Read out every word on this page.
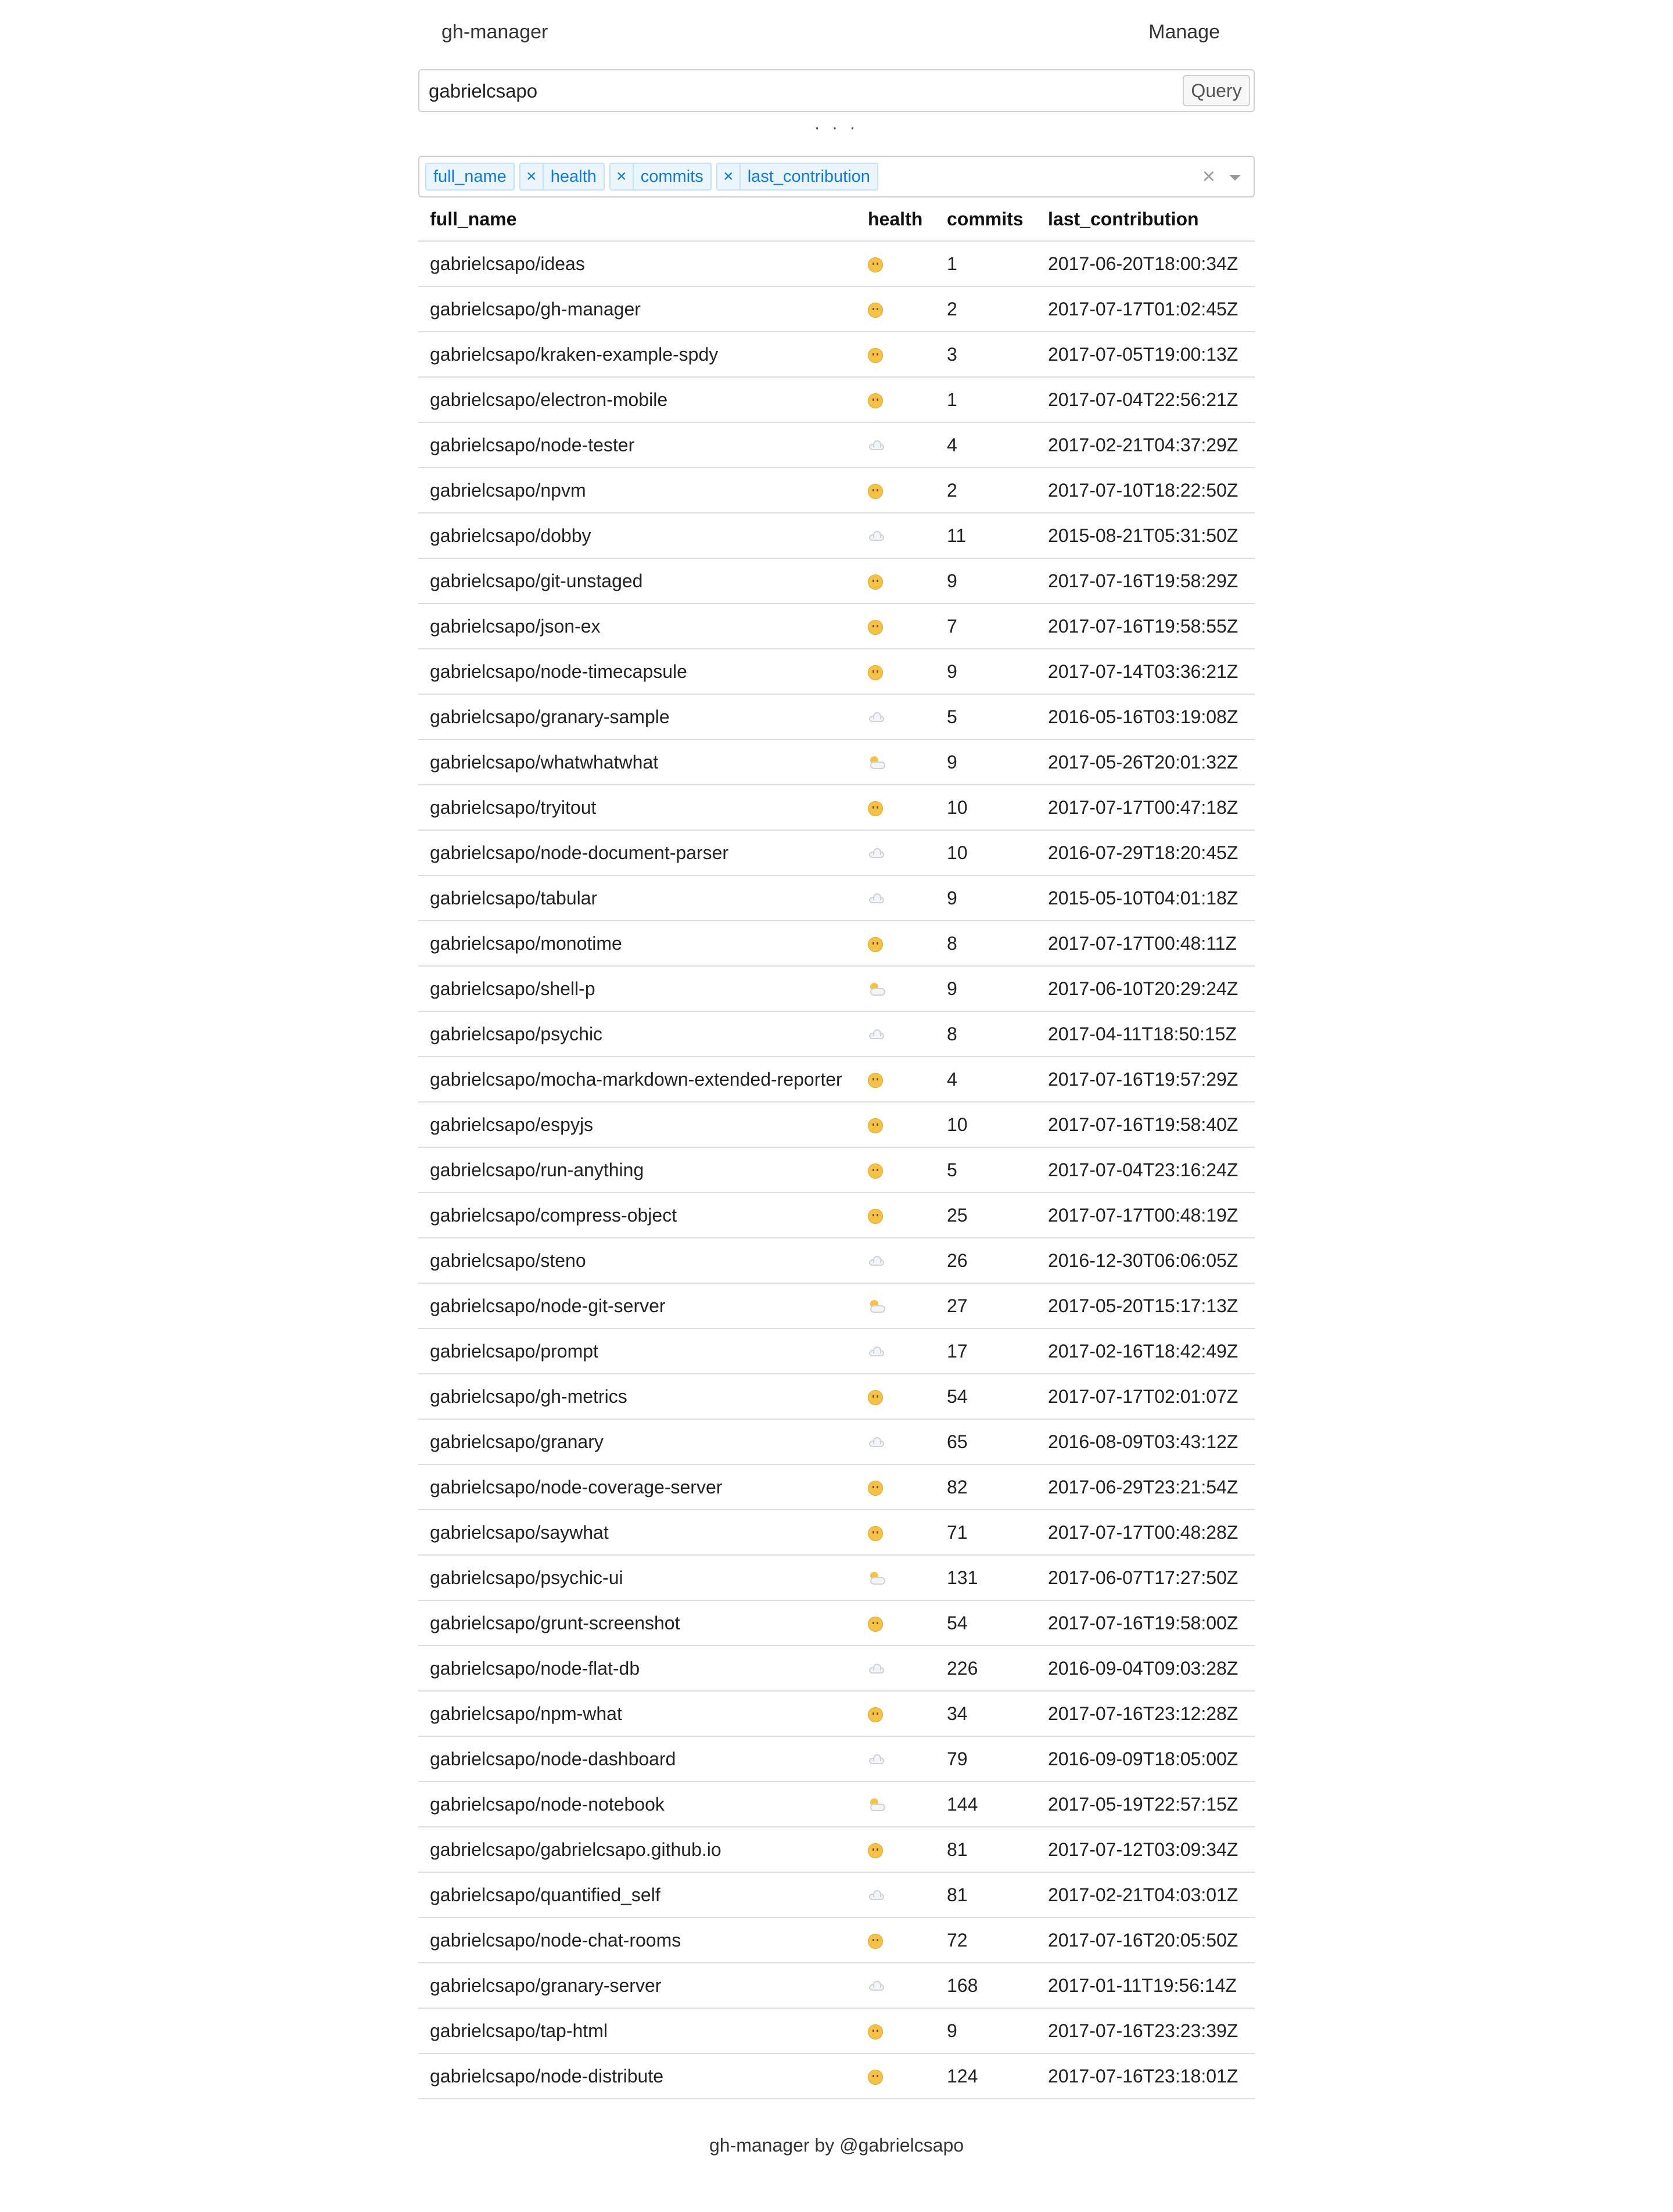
gh-manager	Manage
gabrielcsapo
Query
· · ·
full_name	× health	× commits	× last_contribution	×
full_name	health	commits	last_contribution
gabrielcsapo/ideas		1	2017-06-20T18:00:34Z
gabrielcsapo/gh-manager		2	2017-07-17T01:02:45Z
gabrielcsapo/kraken-example-spdy		3	2017-07-05T19:00:13Z
gabrielcsapo/electron-mobile		1	2017-07-04T22:56:21Z
gabrielcsapo/node-tester		4	2017-02-21T04:37:29Z
gabrielcsapo/npvm		2	2017-07-10T18:22:50Z
gabrielcsapo/dobby		11	2015-08-21T05:31:50Z
gabrielcsapo/git-unstaged		9	2017-07-16T19:58:29Z
gabrielcsapo/json-ex		7	2017-07-16T19:58:55Z
gabrielcsapo/node-timecapsule		9	2017-07-14T03:36:21Z
gabrielcsapo/granary-sample		5	2016-05-16T03:19:08Z
gabrielcsapo/whatwhatwhat		9	2017-05-26T20:01:32Z
gabrielcsapo/tryitout		10	2017-07-17T00:47:18Z
gabrielcsapo/node-document-parser		10	2016-07-29T18:20:45Z
gabrielcsapo/tabular		9	2015-05-10T04:01:18Z
gabrielcsapo/monotime		8	2017-07-17T00:48:11Z
gabrielcsapo/shell-p		9	2017-06-10T20:29:24Z
gabrielcsapo/psychic		8	2017-04-11T18:50:15Z
gabrielcsapo/mocha-markdown-extended-reporter		4	2017-07-16T19:57:29Z
gabrielcsapo/espyjs		10	2017-07-16T19:58:40Z
gabrielcsapo/run-anything		5	2017-07-04T23:16:24Z
gabrielcsapo/compress-object		25	2017-07-17T00:48:19Z
gabrielcsapo/steno		26	2016-12-30T06:06:05Z
gabrielcsapo/node-git-server		27	2017-05-20T15:17:13Z
gabrielcsapo/prompt		17	2017-02-16T18:42:49Z
gabrielcsapo/gh-metrics		54	2017-07-17T02:01:07Z
gabrielcsapo/granary		65	2016-08-09T03:43:12Z
gabrielcsapo/node-coverage-server		82	2017-06-29T23:21:54Z
gabrielcsapo/saywhat		71	2017-07-17T00:48:28Z
gabrielcsapo/psychic-ui		131	2017-06-07T17:27:50Z
gabrielcsapo/grunt-screenshot		54	2017-07-16T19:58:00Z
gabrielcsapo/node-flat-db		226	2016-09-04T09:03:28Z
gabrielcsapo/npm-what		34	2017-07-16T23:12:28Z
gabrielcsapo/node-dashboard		79	2016-09-09T18:05:00Z
gabrielcsapo/node-notebook		144	2017-05-19T22:57:15Z
gabrielcsapo/gabrielcsapo.github.io		81	2017-07-12T03:09:34Z
gabrielcsapo/quantified_self		81	2017-02-21T04:03:01Z
gabrielcsapo/node-chat-rooms		72	2017-07-16T20:05:50Z
gabrielcsapo/granary-server		168	2017-01-11T19:56:14Z
gabrielcsapo/tap-html		9	2017-07-16T23:23:39Z
gabrielcsapo/node-distribute		124	2017-07-16T23:18:01Z
gh-manager by @gabrielcsapo
